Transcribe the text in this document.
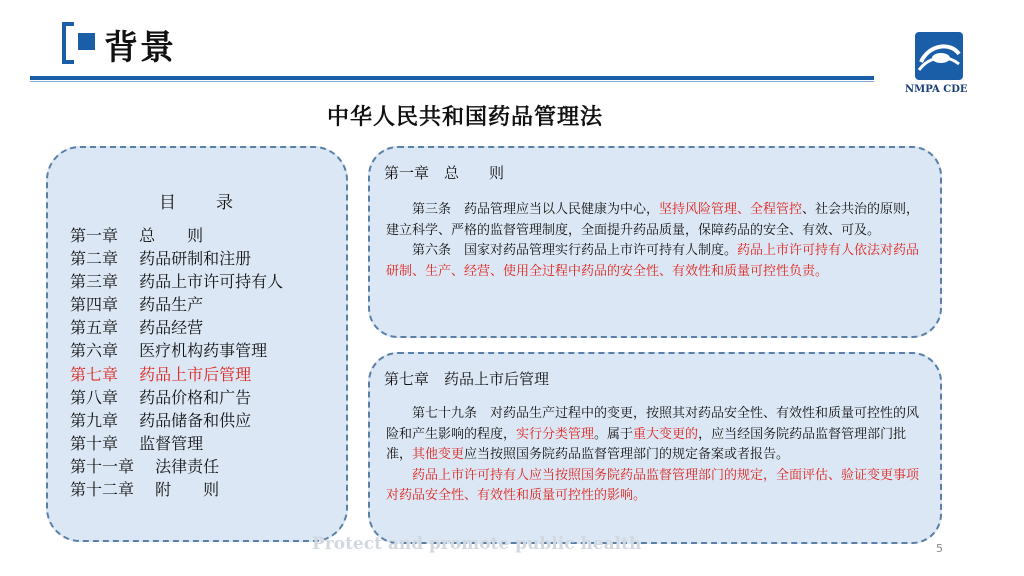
背景
NMPA CDE
中华人民共和国药品管理法
目　　录
第一章　 总　　则
第二章　 药品研制和注册
第三章　 药品上市许可持有人
第四章　 药品生产
第五章　 药品经营
第六章　 医疗机构药事管理
第七章　 药品上市后管理
第八章　 药品价格和广告
第九章　 药品储备和供应
第十章　 监督管理
第十一章　 法律责任
第十二章　 附　　则
第一章　总　　则

第三条　药品管理应当以人民健康为中心，坚持风险管理、全程管控、社会共治的原则，建立科学、严格的监督管理制度，全面提升药品质量，保障药品的安全、有效、可及。

第六条　国家对药品管理实行药品上市许可持有人制度。药品上市许可持有人依法对药品研制、生产、经营、使用全过程中药品的安全性、有效性和质量可控性负责。

第七章　药品上市后管理

第七十九条　对药品生产过程中的变更，按照其对药品安全性、有效性和质量可控性的风险和产生影响的程度，实行分类管理。属于重大变更的，应当经国务院药品监督管理部门批准，其他变更应当按照国务院药品监督管理部门的规定备案或者报告。

药品上市许可持有人应当按照国务院药品监督管理部门的规定，全面评估、验证变更事项对药品安全性、有效性和质量可控性的影响。

Protect and promote public health	5
